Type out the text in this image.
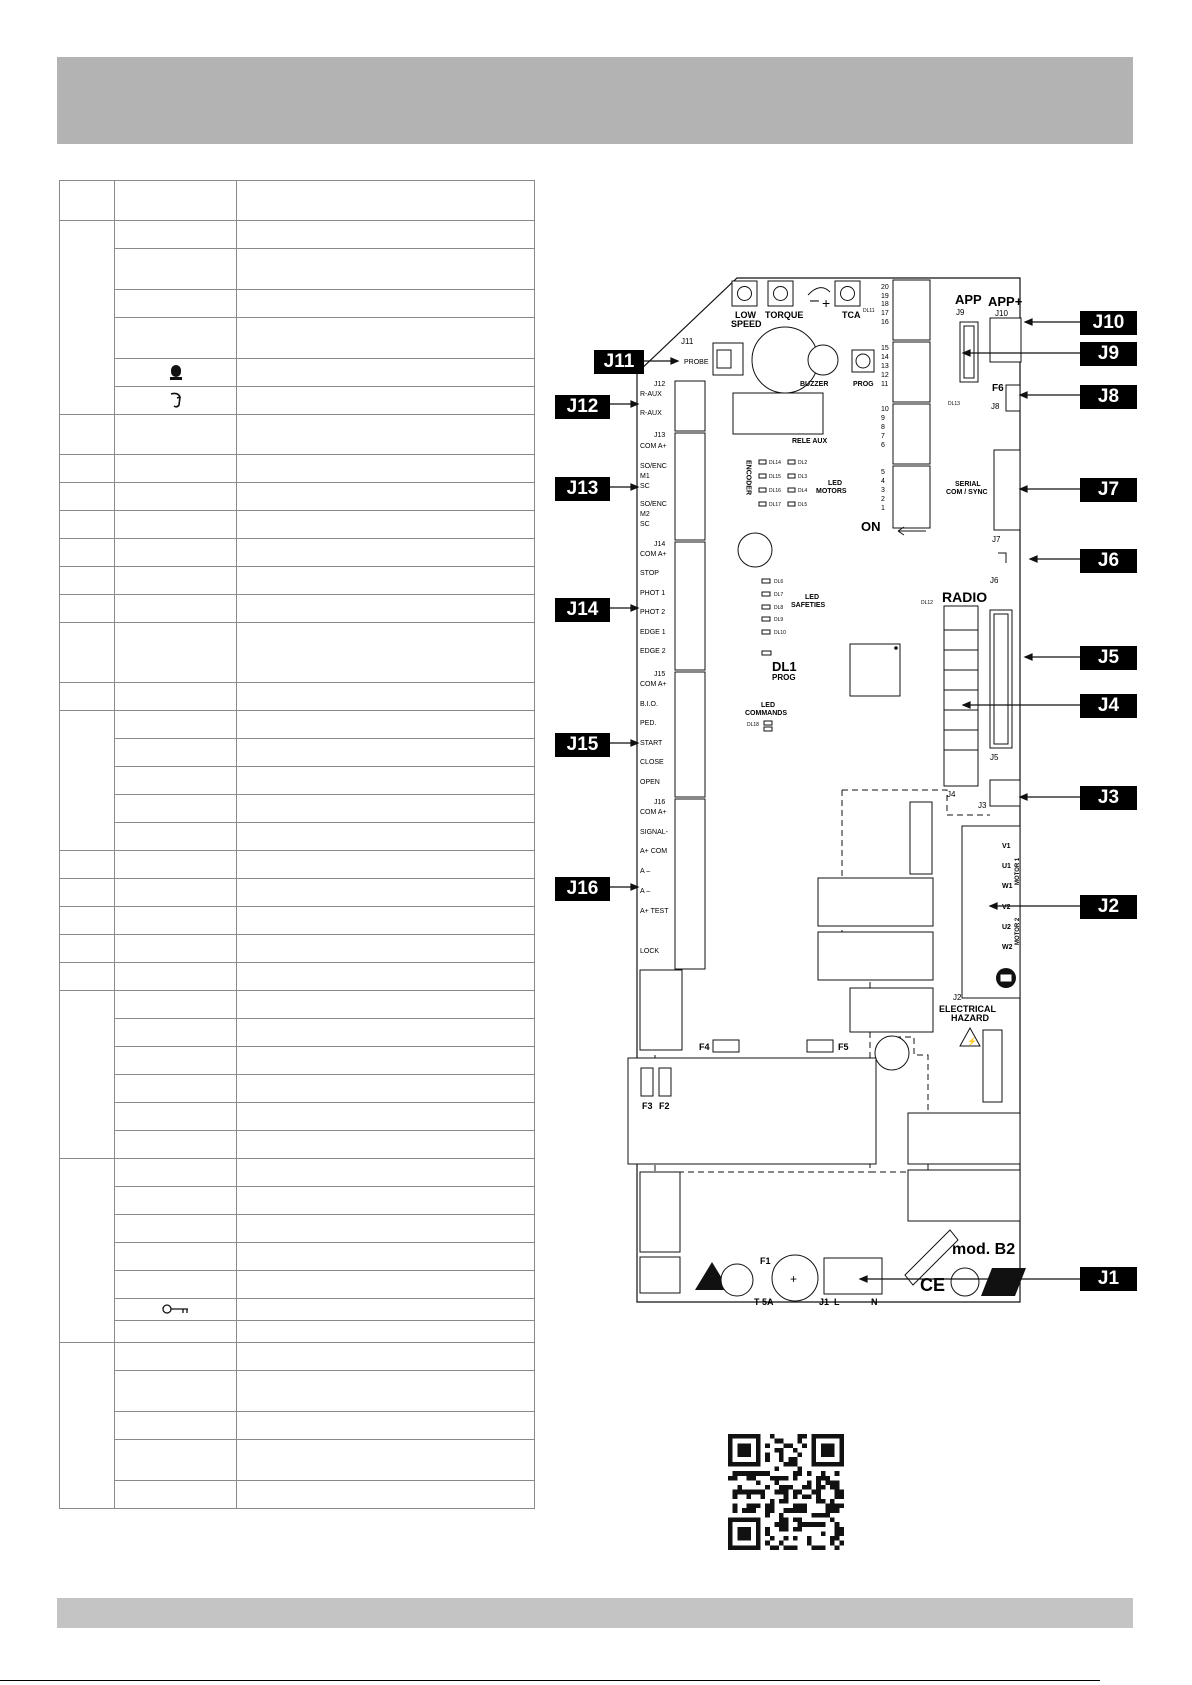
LOW
SPEED
TORQUE	TCA
– +
20
19
18
17
16
15
14
13
12
11
10
9
8
7
6
5
4
3
2
1
ON
APP APP+
J9	J10
DL11
DL13
F6
J8
J11
PROBE
BUZZER	PROG
RELE AUX
J12
R-AUX
R-AUX
J13
COM A+
SO/ENC
M1
SC
SO/ENC
M2
SC
J14
COM A+
STOP
PHOT 1
PHOT 2
EDGE 1
EDGE 2
J15
COM A+
B.I.O.
PED.
START
CLOSE
OPEN
J16
COM A+
SIGNAL-
A+ COM
A –
A –
A+ TEST
LOCK
ENCODER	DL14	DL2
DL15	DL3
DL16	DL4
DL17	DL5
LED
MOTORS
DL6
DL7
DL8
DL9
DL10
LED
SAFETIES
DL1
PROG
LED
COMMANDS
DL18
RADIO
DL12
J4
J5
SERIAL
COM / SYNC
J7
J6
J3
V1
U1
W1
V2
U2
W2
MOTOR 1
MOTOR 2
J2
ELECTRICAL
HAZARD
⚡
F4	F5
F3 F2
+
F1
T 5A	J1 L	N
mod. B2
CE
J11
J12
J13
J14
J15
J16
J10
J9
J8
J7
J6
J5
J4
J3
J2
J1
